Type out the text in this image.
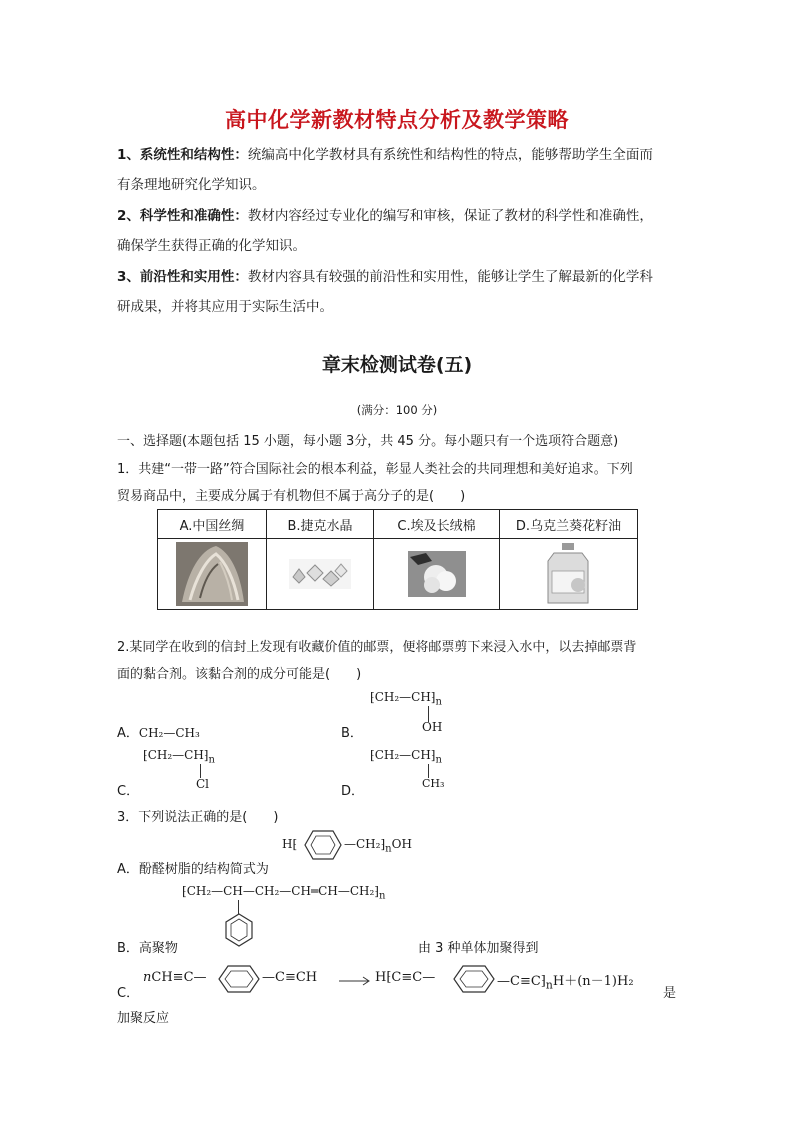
高中化学新教材特点分析及教学策略
1、系统性和结构性：统编高中化学教材具有系统性和结构性的特点，能够帮助学生全面而
有条理地研究化学知识。
2、科学性和准确性：教材内容经过专业化的编写和审核，保证了教材的科学性和准确性，
确保学生获得正确的化学知识。
3、前沿性和实用性：教材内容具有较强的前沿性和实用性，能够让学生了解最新的化学科
研成果，并将其应用于实际生活中。
章末检测试卷(五)
(满分：100 分)
一、选择题(本题包括 15 小题，每小题 3分，共 45 分。每小题只有一个选项符合题意)
1．共建“一带一路”符合国际社会的根本利益，彰显人类社会的共同理想和美好追求。下列
贸易商品中，主要成分属于有机物但不属于高分子的是(　　)
A.中国丝绸	B.捷克水晶	C.埃及长绒棉	D.乌克兰葵花籽油

2.某同学在收到的信封上发现有收藏价值的邮票，便将邮票剪下来浸入水中，以去掉邮票背
面的黏合剂。该黏合剂的成分可能是(　　)
$⁅CH_2—CH⁆_n$
OH
A．CH₂—CH₃	B．
$⁅CH_2—CH⁆_n$
Cl
$⁅CH_2—CH⁆_n$
CH₃
C．	D．
3．下列说法正确的是(　　)
H⁅	$—CH_2⁆_nOH$
A．酚醛树脂的结构简式为
$⁅CH_2—CH—CH_2—CH═CH—CH_2⁆_n$
B．高聚物	由 3 种单体加聚得到
C．
nCH≡C—	—C≡CH → H⁅C≡C—	$—C\equiv C⁆_nH+(n-1)H_2$
是
加聚反应
